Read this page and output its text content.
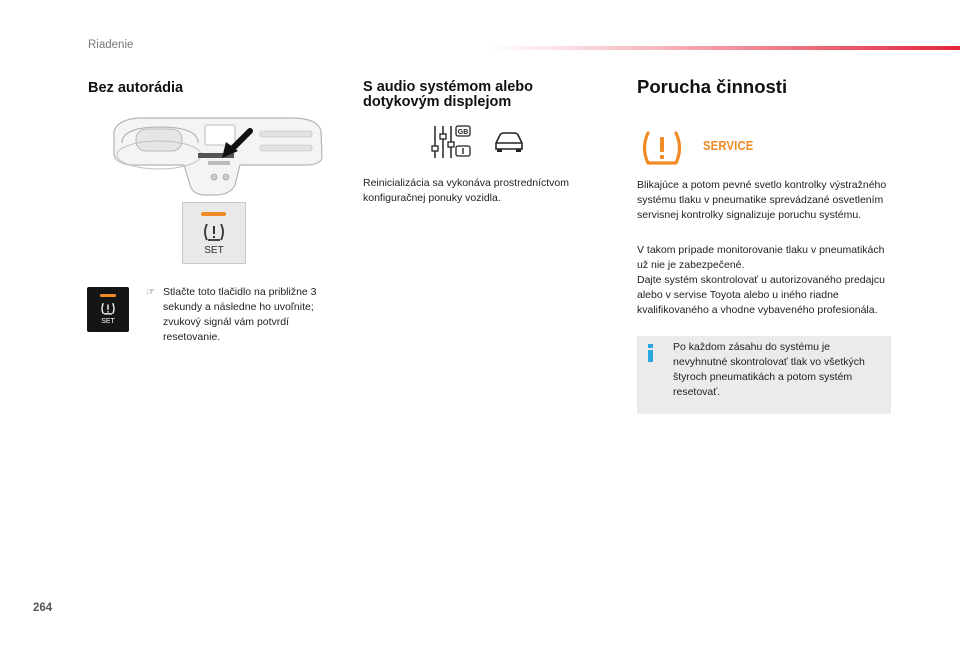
Riadenie
Bez autorádia
SET
SET
☞ Stlačte toto tlačidlo na približne 3 sekundy a následne ho uvoľnite; zvukový signál vám potvrdí resetovanie.
S audio systémom alebo dotykovým displejom
GB
Reinicializácia sa vykonáva prostredníctvom konfiguračnej ponuky vozidla.
Porucha činnosti
SERVICE
Blikajúce a potom pevné svetlo kontrolky výstražného systému tlaku v pneumatike sprevádzané osvetlením servisnej kontrolky signalizuje poruchu systému.
V takom prípade monitorovanie tlaku v pneumatikách už nie je zabezpečené.
Dajte systém skontrolovať u autorizovaného predajcu alebo v servise Toyota alebo u iného riadne kvalifikovaného a vhodne vybaveného profesionála.
Po každom zásahu do systému je nevyhnutné skontrolovať tlak vo všetkých štyroch pneumatikách a potom systém resetovať.
264
